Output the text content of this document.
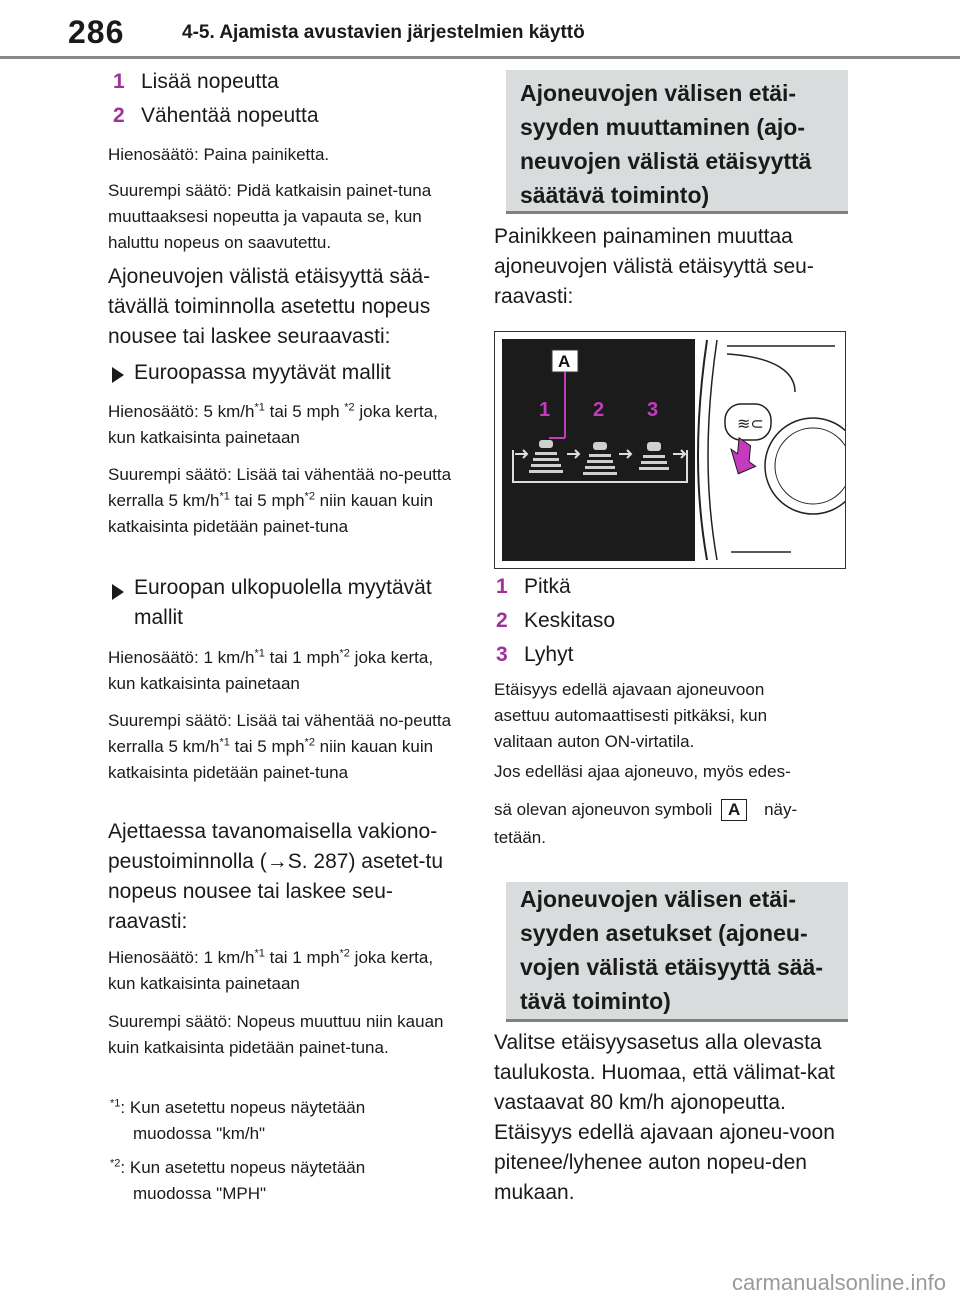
286	4-5. Ajamista avustavien järjestelmien käyttö
1 Lisää nopeutta
2 Vähentää nopeutta

Hienosäätö: Paina painiketta.

Suurempi säätö: Pidä katkaisin painet-tuna muuttaaksesi nopeutta ja vapauta se, kun haluttu nopeus on saavutettu.

Ajoneuvojen välistä etäisyyttä sää-tävällä toiminnolla asetettu nopeus nousee tai laskee seuraavasti:

Euroopassa myytävät mallit

Hienosäätö: 5 $km/h^{*1}$ tai 5 mph $^{*2}$ joka kerta, kun katkaisinta painetaan

Suurempi säätö: Lisää tai vähentää no-peutta kerralla 5 $km/h^{*1}$ tai 5 mph$^{*2}$ niin kauan kuin katkaisinta pidetään painet-tuna

Euroopan ulkopuolella myytävät
mallit

Hienosäätö: 1 $km/h^{*1}$ tai 1 mph$^{*2}$ joka kerta, kun katkaisinta painetaan

Suurempi säätö: Lisää tai vähentää no-peutta kerralla 5 $km/h^{*1}$ tai 5 mph$^{*2}$ niin kauan kuin katkaisinta pidetään painet-tuna

Ajettaessa tavanomaisella vakiono-peustoiminnolla (→S. 287) asetet-tu nopeus nousee tai laskee seu-raavasti:

Hienosäätö: 1 $km/h^{*1}$ tai 1 mph$^{*2}$ joka kerta, kun katkaisinta painetaan

Suurempi säätö: Nopeus muuttuu niin kauan kuin katkaisinta pidetään painet-tuna.

$^{*1}$: Kun asetettu nopeus näytetään
muodossa "km/h"
$^{*2}$: Kun asetettu nopeus näytetään
muodossa "MPH"
Ajoneuvojen välisen etäi-
syyden muuttaminen (ajo-
neuvojen välistä etäisyyttä
säätävä toiminto)

Painikkeen painaminen muuttaa ajoneuvojen välistä etäisyyttä seu-raavasti:

≋⊂
A
1 2 3
1 Pitkä
2 Keskitaso
3 Lyhyt

Etäisyys edellä ajavaan ajoneuvoon asettuu automaattisesti pitkäksi, kun valitaan auton ON-virtatila.

Jos edelläsi ajaa ajoneuvo, myös edes-

sä olevan ajoneuvon symboli A näy-

tetään.

Ajoneuvojen välisen etäi-
syyden asetukset (ajoneu-
vojen välistä etäisyyttä sää-
tävä toiminto)

Valitse etäisyysasetus alla olevasta taulukosta. Huomaa, että välimat-kat vastaavat 80 km/h ajonopeutta. Etäisyys edellä ajavaan ajoneu-voon pitenee/lyhenee auton nopeu-den mukaan.

carmanualsonline.info
